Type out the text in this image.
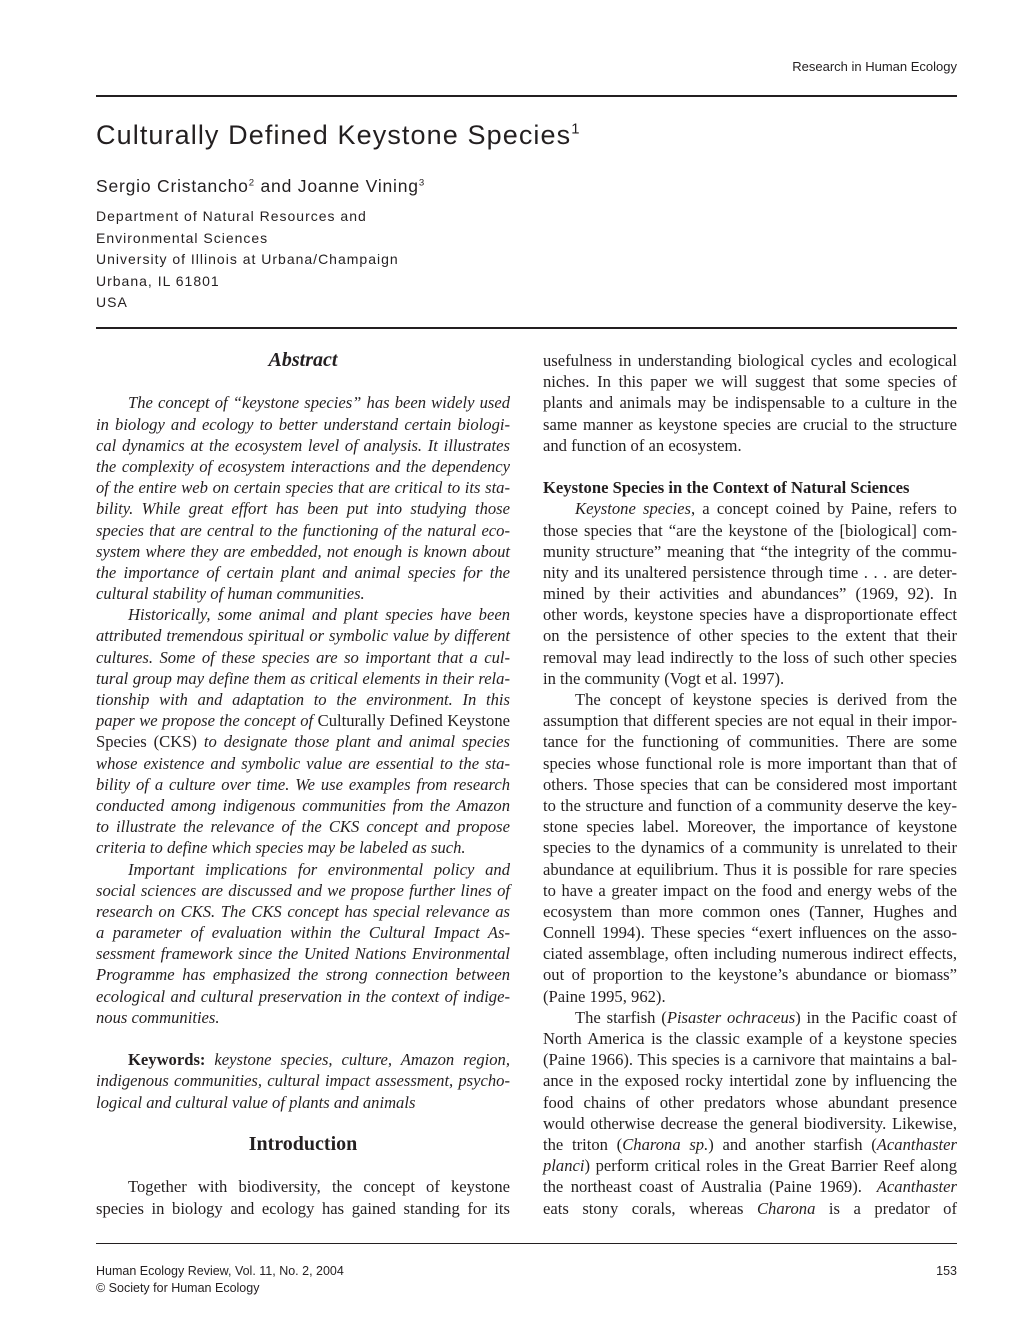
Research in Human Ecology
Culturally Defined Keystone Species$^1$
Sergio Cristancho$^2$ and Joanne Vining$^3$
Department of Natural Resources and
Environmental Sciences
University of Illinois at Urbana/Champaign
Urbana, IL 61801
USA
Abstract
The concept of “keystone species” has been widely used
in biology and ecology to better understand certain biologi-
cal dynamics at the ecosystem level of analysis. It illustrates
the complexity of ecosystem interactions and the dependency
of the entire web on certain species that are critical to its sta-
bility. While great effort has been put into studying those
species that are central to the functioning of the natural eco-
system where they are embedded, not enough is known about
the importance of certain plant and animal species for the
cultural stability of human communities.
Historically, some animal and plant species have been
attributed tremendous spiritual or symbolic value by different
cultures. Some of these species are so important that a cul-
tural group may define them as critical elements in their rela-
tionship with and adaptation to the environment. In this
paper we propose the concept of Culturally Defined Keystone
Species (CKS) to designate those plant and animal species
whose existence and symbolic value are essential to the sta-
bility of a culture over time. We use examples from research
conducted among indigenous communities from the Amazon
to illustrate the relevance of the CKS concept and propose
criteria to define which species may be labeled as such.
Important implications for environmental policy and
social sciences are discussed and we propose further lines of
research on CKS. The CKS concept has special relevance as
a parameter of evaluation within the Cultural Impact As-
sessment framework since the United Nations Environmental
Programme has emphasized the strong connection between
ecological and cultural preservation in the context of indige-
nous communities.
Keywords: keystone species, culture, Amazon region,
indigenous communities, cultural impact assessment, psycho-
logical and cultural value of plants and animals
Introduction
Together with biodiversity, the concept of keystone
species in biology and ecology has gained standing for its
usefulness in understanding biological cycles and ecological
niches. In this paper we will suggest that some species of
plants and animals may be indispensable to a culture in the
same manner as keystone species are crucial to the structure
and function of an ecosystem.
Keystone Species in the Context of Natural Sciences
Keystone species, a concept coined by Paine, refers to
those species that “are the keystone of the [biological] com-
munity structure” meaning that “the integrity of the commu-
nity and its unaltered persistence through time . . . are deter-
mined by their activities and abundances” (1969, 92). In
other words, keystone species have a disproportionate effect
on the persistence of other species to the extent that their
removal may lead indirectly to the loss of such other species
in the community (Vogt et al. 1997).
The concept of keystone species is derived from the
assumption that different species are not equal in their impor-
tance for the functioning of communities. There are some
species whose functional role is more important than that of
others. Those species that can be considered most important
to the structure and function of a community deserve the key-
stone species label. Moreover, the importance of keystone
species to the dynamics of a community is unrelated to their
abundance at equilibrium. Thus it is possible for rare species
to have a greater impact on the food and energy webs of the
ecosystem than more common ones (Tanner, Hughes and
Connell 1994). These species “exert influences on the asso-
ciated assemblage, often including numerous indirect effects,
out of proportion to the keystone’s abundance or biomass”
(Paine 1995, 962).
The starfish (Pisaster ochraceus) in the Pacific coast of
North America is the classic example of a keystone species
(Paine 1966). This species is a carnivore that maintains a bal-
ance in the exposed rocky intertidal zone by influencing the
food chains of other predators whose abundant presence
would otherwise decrease the general biodiversity. Likewise,
the triton (Charona sp.) and another starfish (Acanthaster
planci) perform critical roles in the Great Barrier Reef along
the northeast coast of Australia (Paine 1969).  Acanthaster
eats stony corals, whereas Charona is a predator of
Human Ecology Review, Vol. 11, No. 2, 2004
© Society for Human Ecology
153
